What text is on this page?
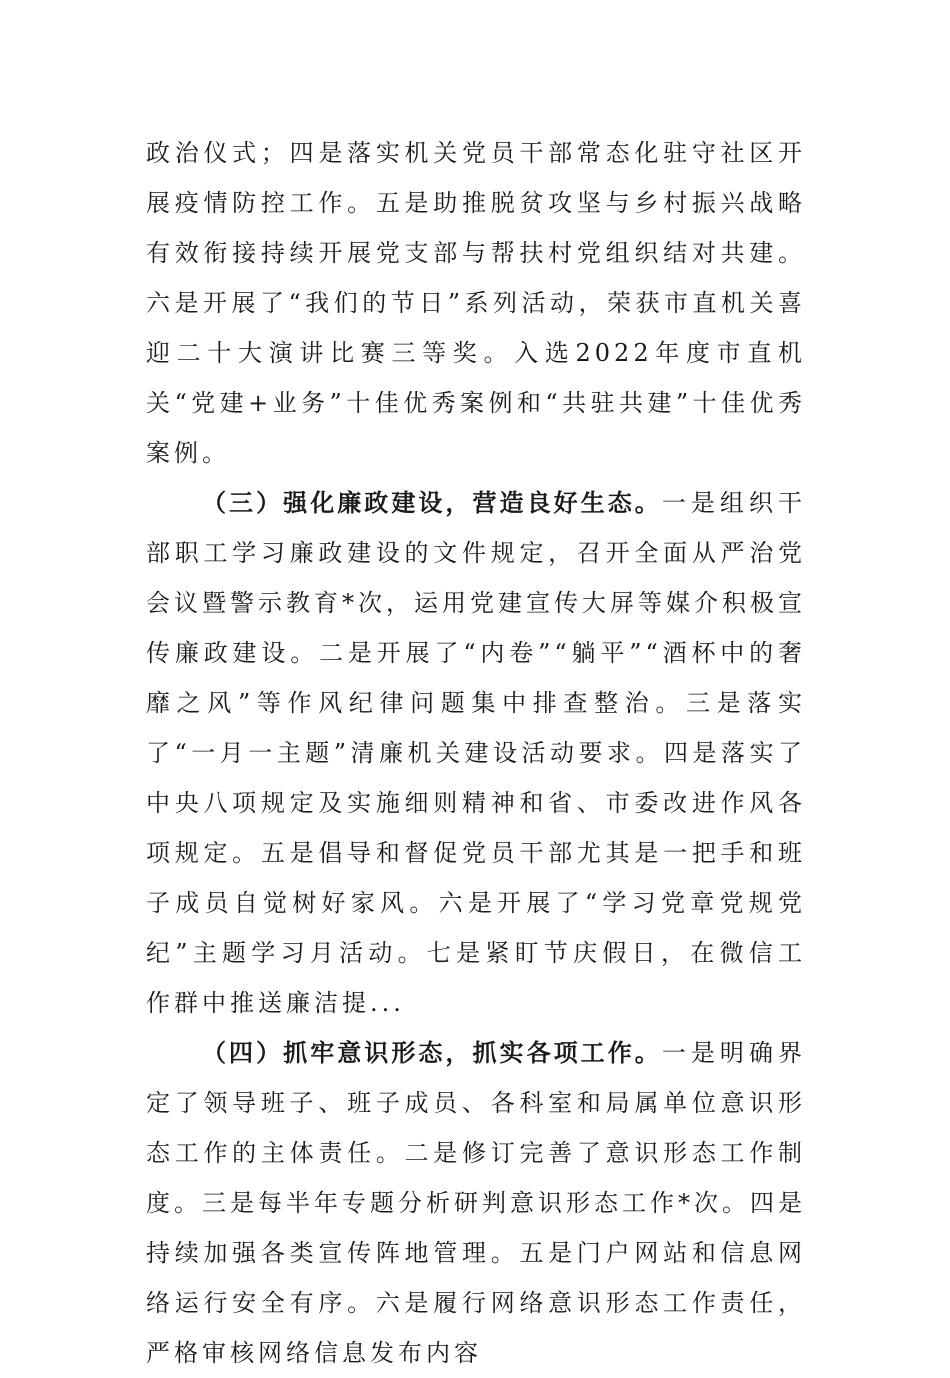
政治仪式；四是落实机关党员干部常态化驻守社区开展疫情防控工作。五是助推脱贫攻坚与乡村振兴战略有效衔接持续开展党支部与帮扶村党组织结对共建。六是开展了“我们的节日”系列活动，荣获市直机关喜迎二十大演讲比赛三等奖。入选2022年度市直机关“党建+业务”十佳优秀案例和“共驻共建”十佳优秀案例。

（三）强化廉政建设，营造良好生态。一是组织干部职工学习廉政建设的文件规定，召开全面从严治党会议暨警示教育*次，运用党建宣传大屏等媒介积极宣传廉政建设。二是开展了“内卷”“躺平”“酒杯中的奢靡之风”等作风纪律问题集中排查整治。三是落实了“一月一主题”清廉机关建设活动要求。四是落实了中央八项规定及实施细则精神和省、市委改进作风各项规定。五是倡导和督促党员干部尤其是一把手和班子成员自觉树好家风。六是开展了“学习党章党规党纪”主题学习月活动。七是紧盯节庆假日，在微信工作群中推送廉洁提...

（四）抓牢意识形态，抓实各项工作。一是明确界定了领导班子、班子成员、各科室和局属单位意识形态工作的主体责任。二是修订完善了意识形态工作制度。三是每半年专题分析研判意识形态工作*次。四是持续加强各类宣传阵地管理。五是门户网站和信息网络运行安全有序。六是履行网络意识形态工作责任，严格审核网络信息发布内容
